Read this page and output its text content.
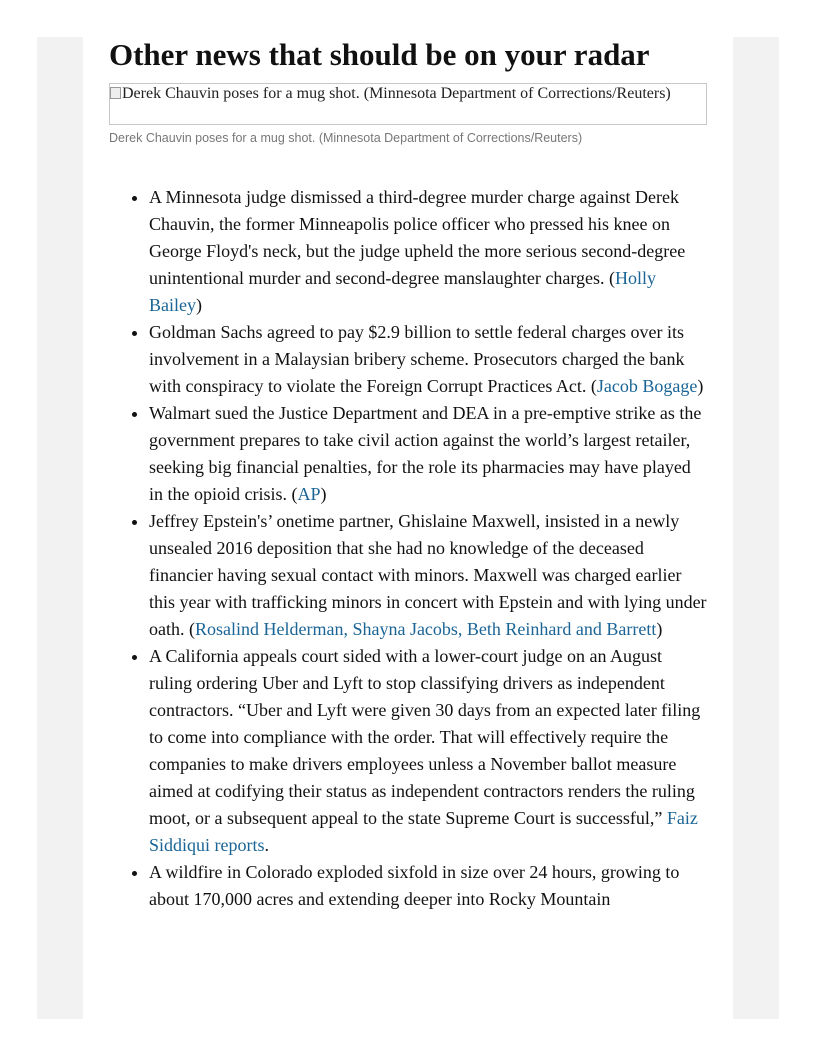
Other news that should be on your radar
Derek Chauvin poses for a mug shot. (Minnesota Department of Corrections/Reuters)
Derek Chauvin poses for a mug shot. (Minnesota Department of Corrections/Reuters)
• A Minnesota judge dismissed a third-degree murder charge against Derek Chauvin, the former Minneapolis police officer who pressed his knee on George Floyd's neck, but the judge upheld the more serious second-degree unintentional murder and second-degree manslaughter charges. (Holly Bailey)
• Goldman Sachs agreed to pay $2.9 billion to settle federal charges over its involvement in a Malaysian bribery scheme. Prosecutors charged the bank with conspiracy to violate the Foreign Corrupt Practices Act. (Jacob Bogage)
• Walmart sued the Justice Department and DEA in a pre-emptive strike as the government prepares to take civil action against the world’s largest retailer, seeking big financial penalties, for the role its pharmacies may have played in the opioid crisis. (AP)
• Jeffrey Epstein's’ onetime partner, Ghislaine Maxwell, insisted in a newly unsealed 2016 deposition that she had no knowledge of the deceased financier having sexual contact with minors. Maxwell was charged earlier this year with trafficking minors in concert with Epstein and with lying under oath. (Rosalind Helderman, Shayna Jacobs, Beth Reinhard and Barrett)
• A California appeals court sided with a lower-court judge on an August ruling ordering Uber and Lyft to stop classifying drivers as independent contractors. “Uber and Lyft were given 30 days from an expected later filing to come into compliance with the order. That will effectively require the companies to make drivers employees unless a November ballot measure aimed at codifying their status as independent contractors renders the ruling moot, or a subsequent appeal to the state Supreme Court is successful,” Faiz Siddiqui reports.
• A wildfire in Colorado exploded sixfold in size over 24 hours, growing to about 170,000 acres and extending deeper into Rocky Mountain
